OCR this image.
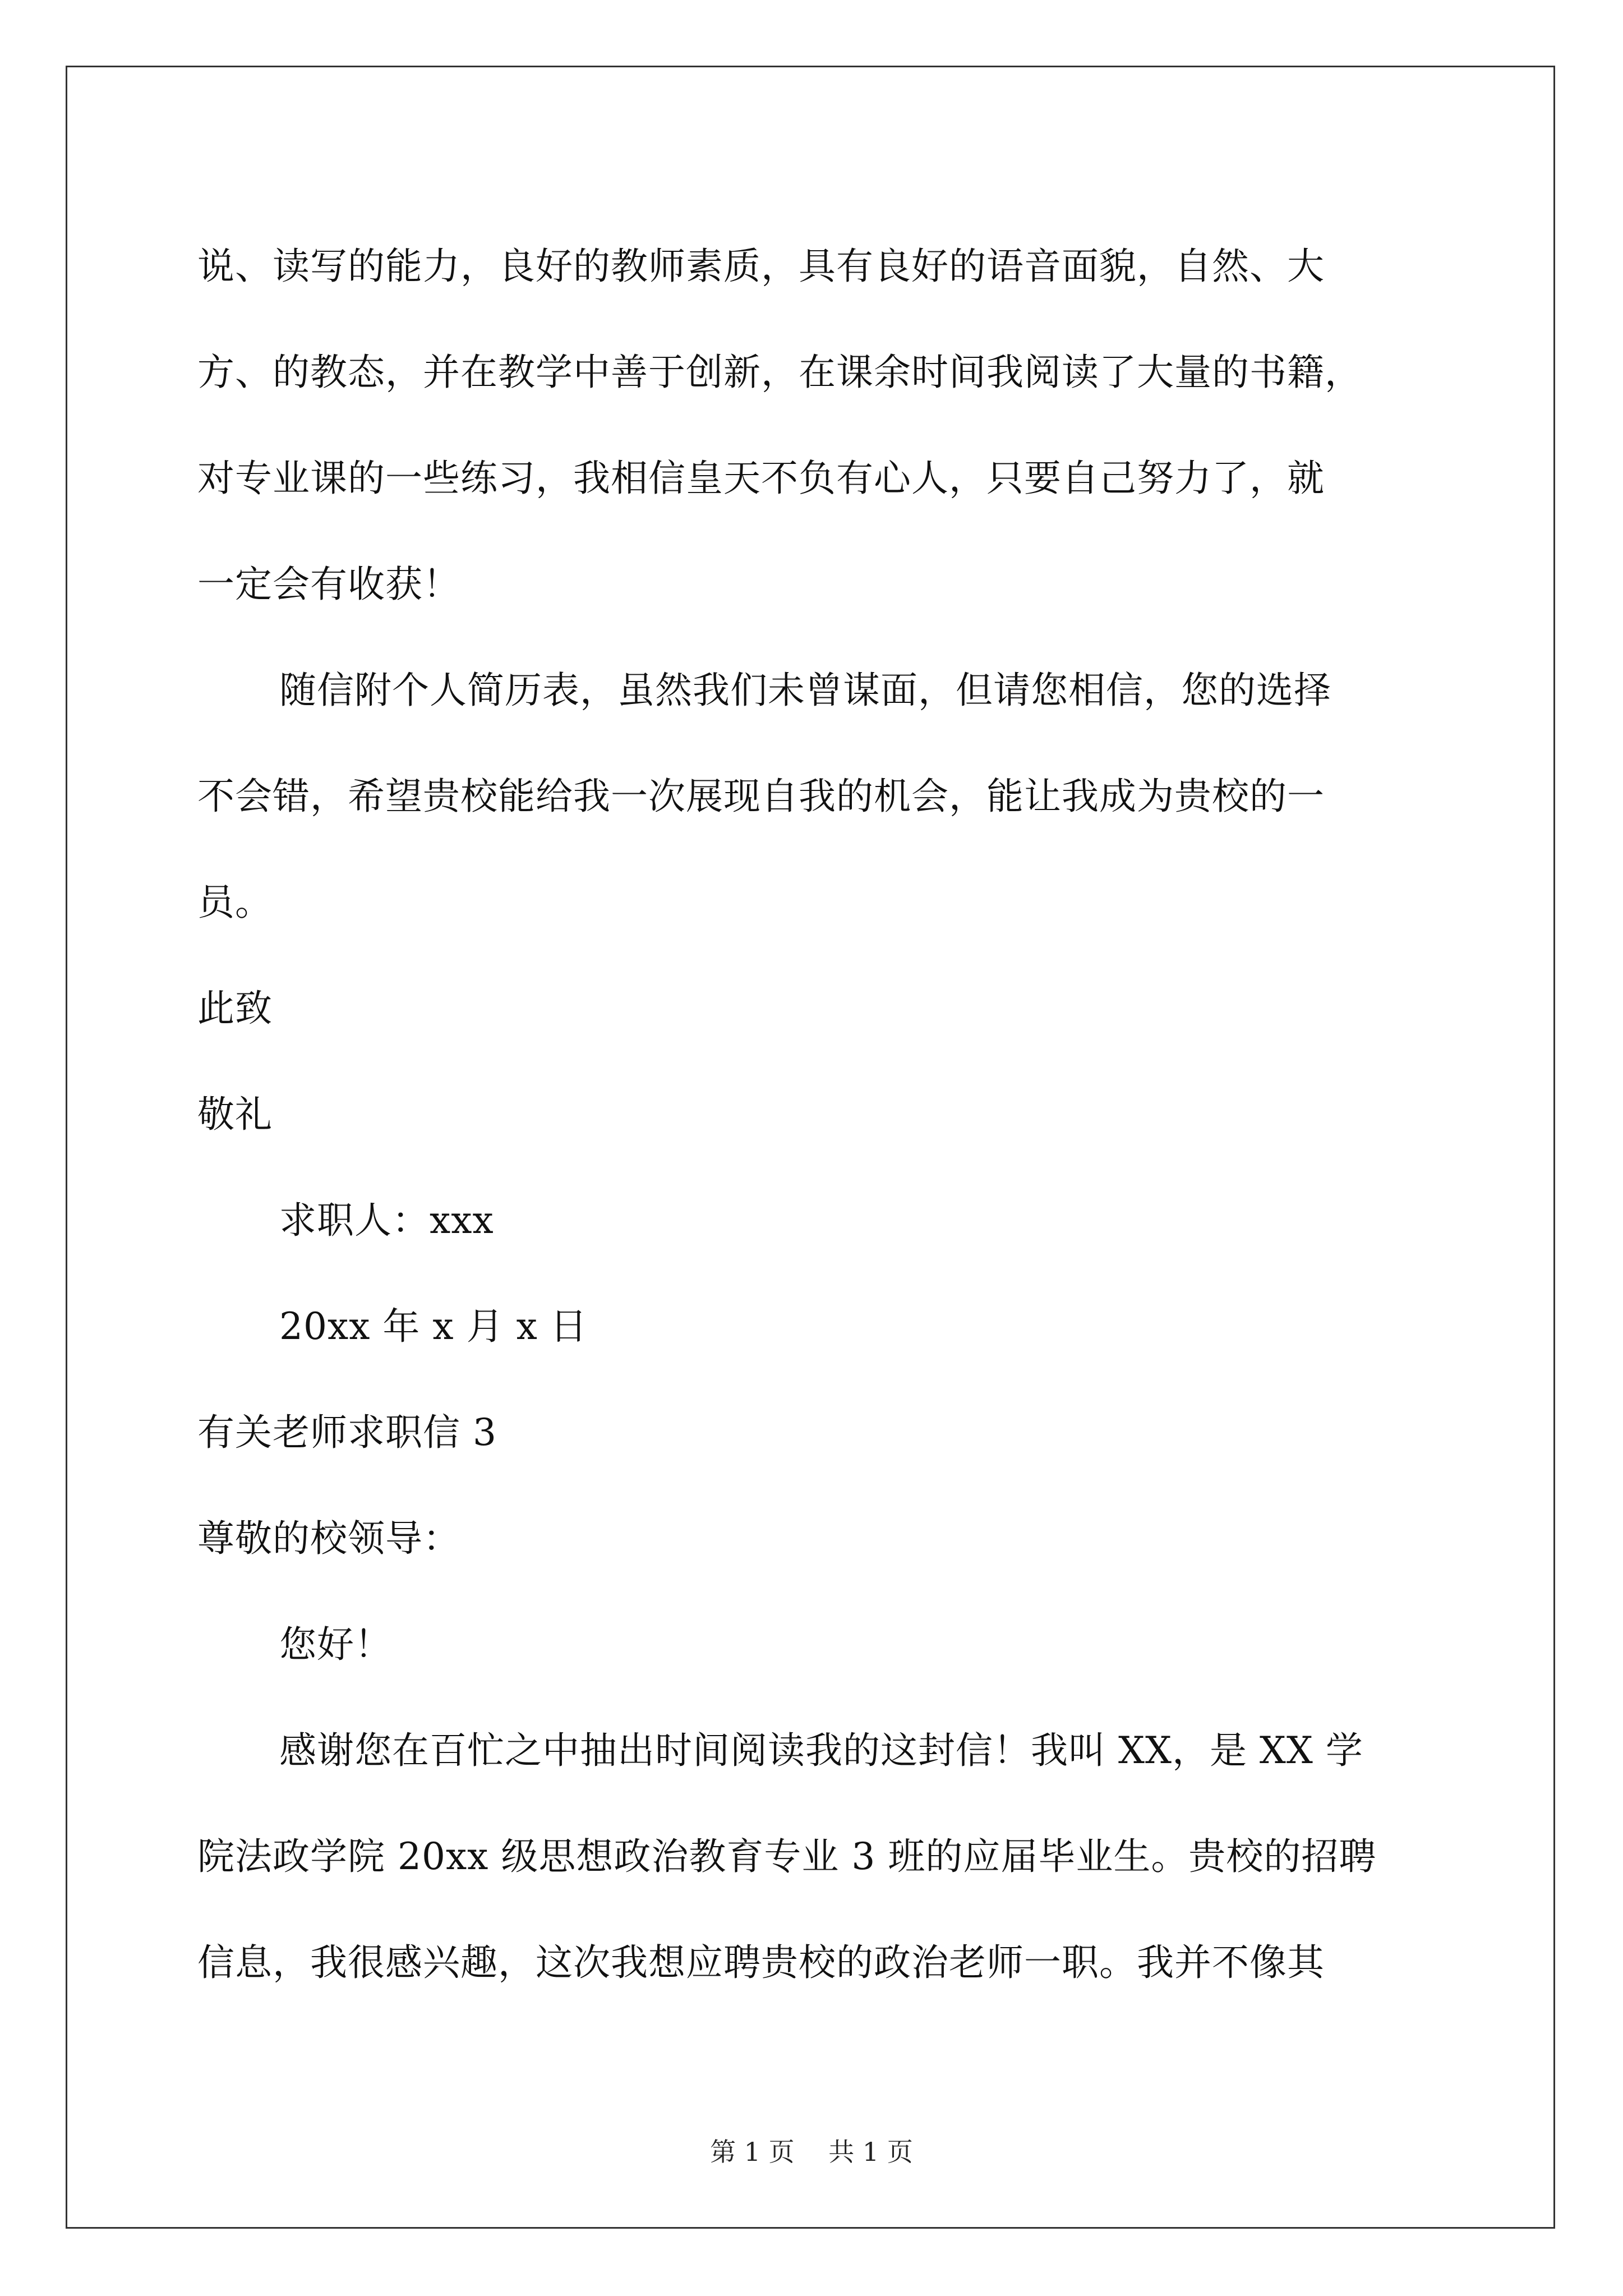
说、读写的能力，良好的教师素质，具有良好的语音面貌，自然、大
方、的教态，并在教学中善于创新，在课余时间我阅读了大量的书籍，
对专业课的一些练习，我相信皇天不负有心人，只要自己努力了，就
一定会有收获！
随信附个人简历表，虽然我们未曾谋面，但请您相信，您的选择
不会错，希望贵校能给我一次展现自我的机会，能让我成为贵校的一
员。
此致
敬礼
求职人：xxx
20xx 年 x 月 x 日
有关老师求职信 3
尊敬的校领导：
您好！
感谢您在百忙之中抽出时间阅读我的这封信！我叫 XX，是 XX 学
院法政学院 20xx 级思想政治教育专业 3 班的应届毕业生。贵校的招聘
信息，我很感兴趣，这次我想应聘贵校的政治老师一职。我并不像其
第 1 页　 共 1 页
